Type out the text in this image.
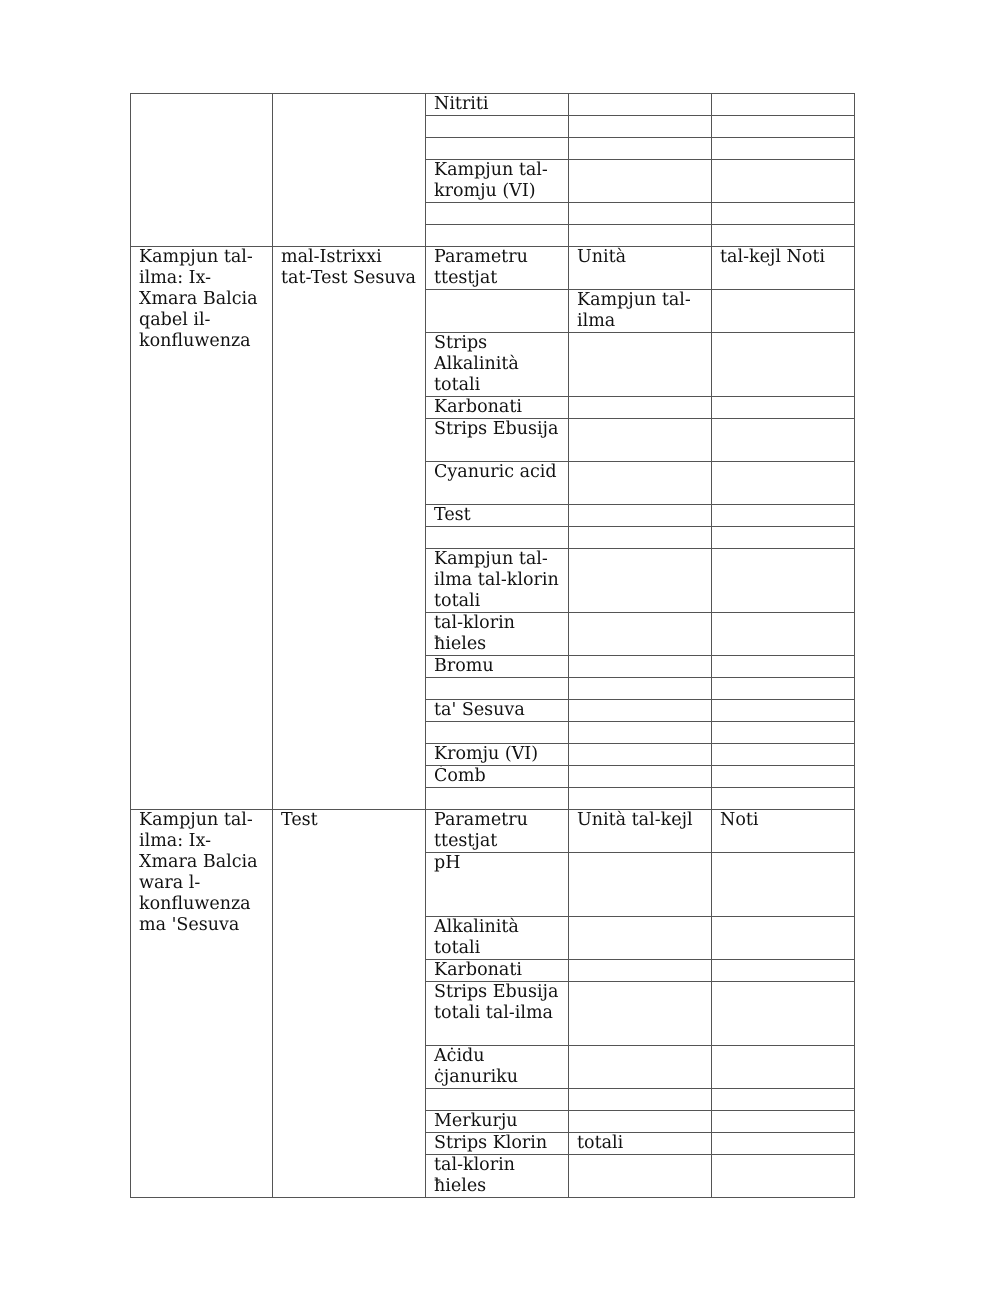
		Nitriti		

		Kampjun tal-kromju (VI)		

Kampjun tal-ilma: Ix-Xmara Balcia qabel il-konfluwenza	mal-Istrixxi tat-Test Sesuva	Parametru ttestjat	Unità	tal-kejl Noti
			Kampjun tal-ilma	
		Strips Alkalinità totali		
		Karbonati		
		Strips Ebusija		
		Cyanuric acid		
		Test		

		Kampjun tal-ilma tal-klorin totali		
		tal-klorin ħieles		
		Bromu		

		ta' Sesuva		

		Kromju (VI)		
		Ċomb		

Kampjun tal-ilma: Ix-Xmara Balcia wara l-konfluwenza ma 'Sesuva	Test	Parametru ttestjat	Unità tal-kejl	Noti
		pH		
		Alkalinità totali		
		Karbonati		
		Strips Ebusija totali tal-ilma		
		Aċidu ċjanuriku		

		Merkurju		
		Strips Klorin	totali	
		tal-klorin ħieles		
